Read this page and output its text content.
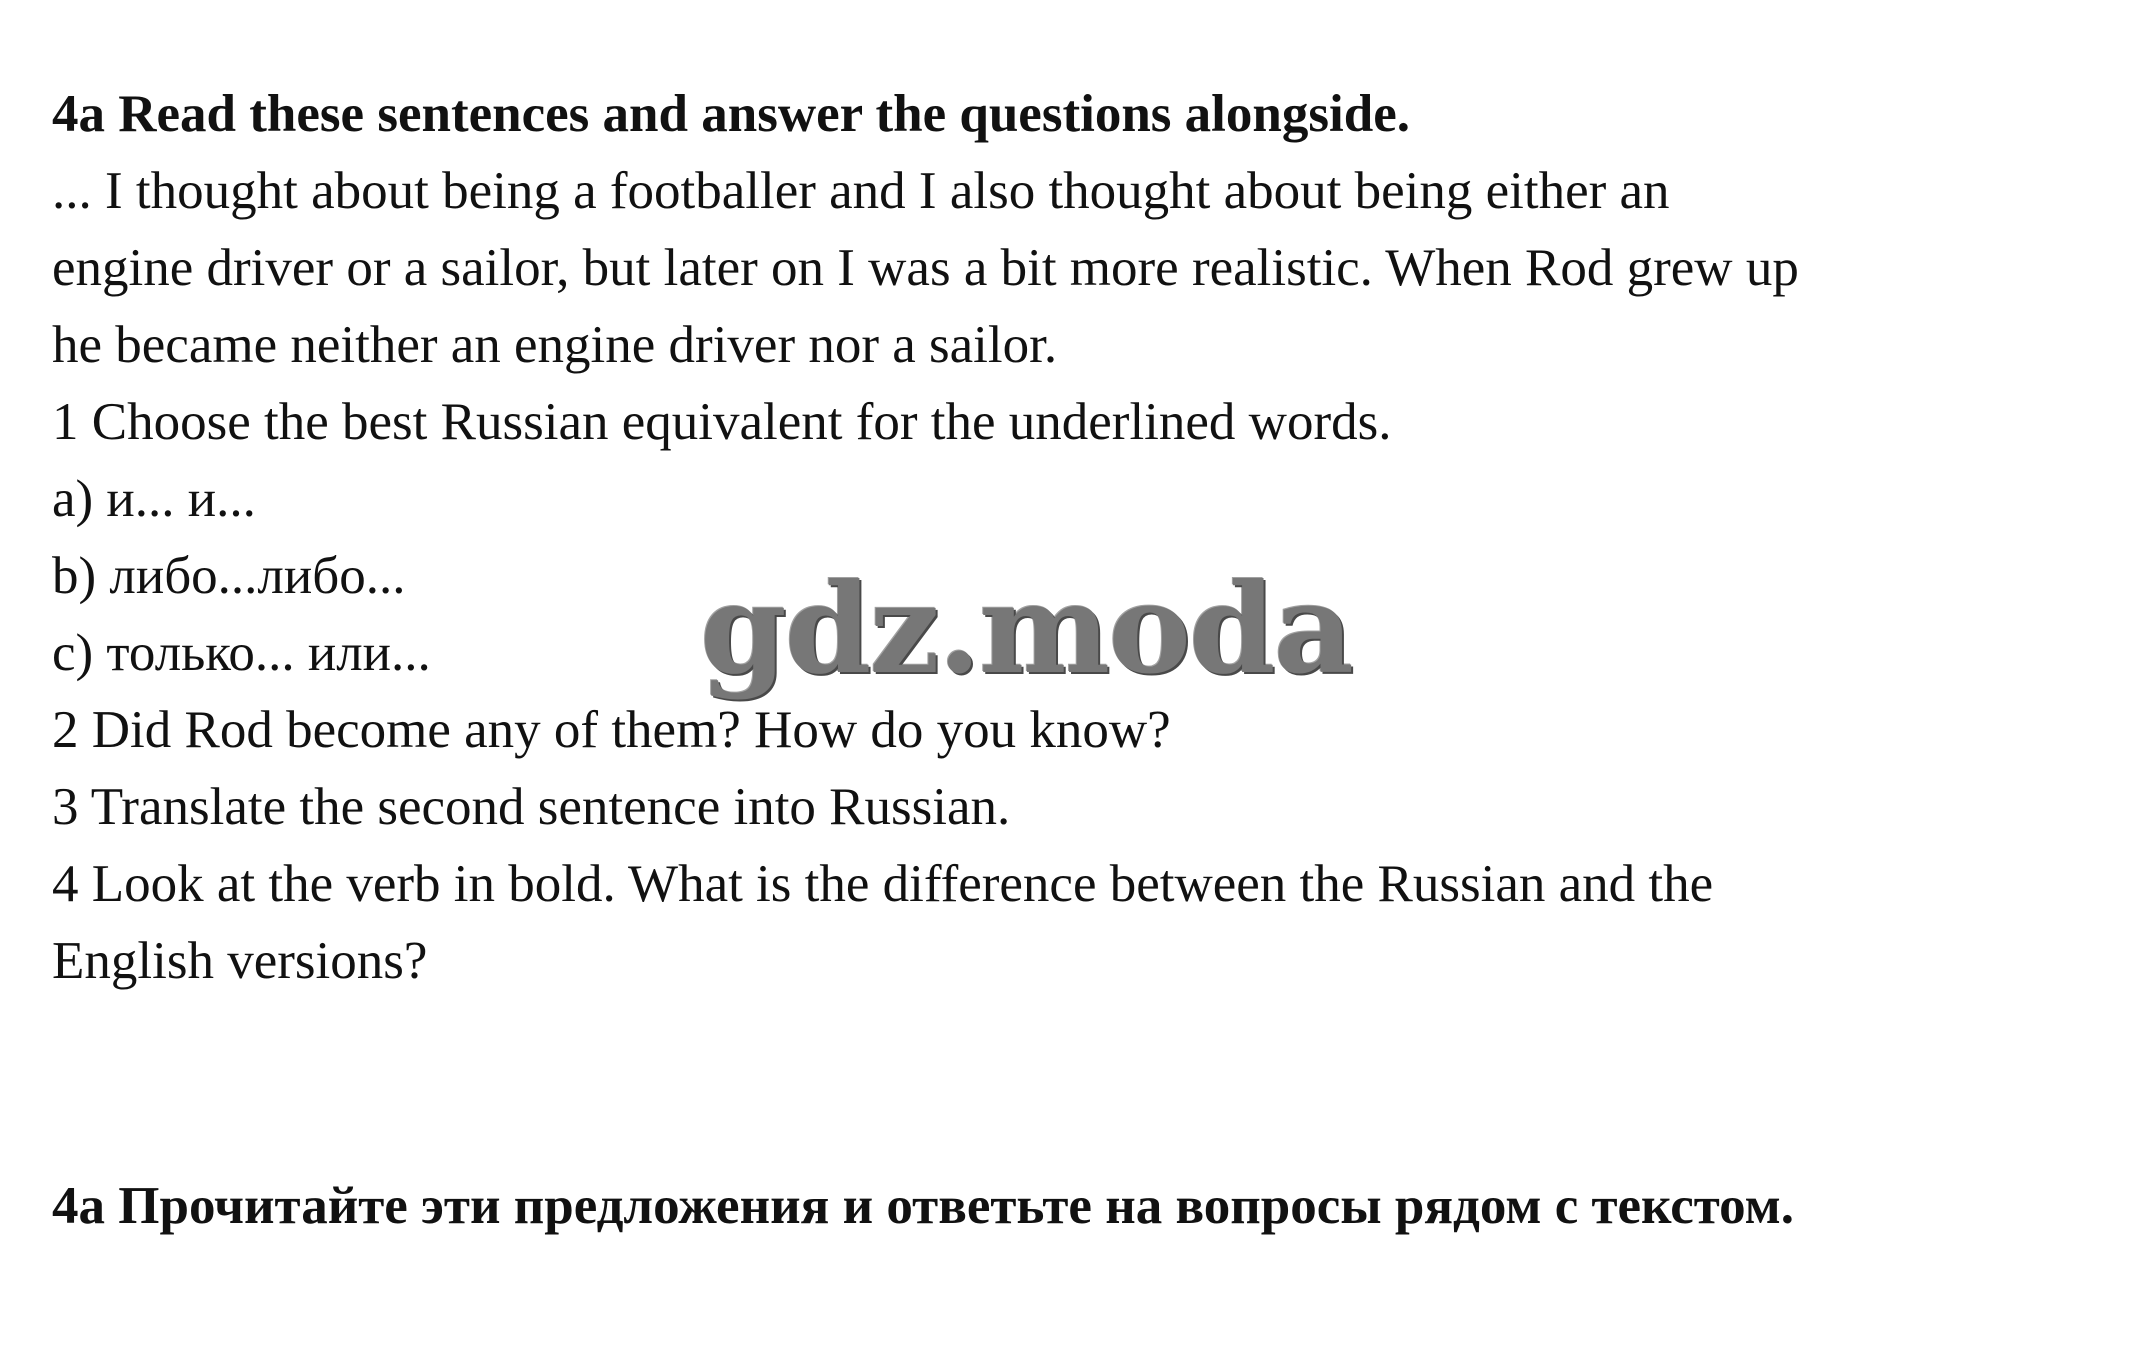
4a Read these sentences and answer the questions alongside.
... I thought about being a footballer and I also thought about being either an
engine driver or a sailor, but later on I was a bit more realistic. When Rod grew up
he became neither an engine driver nor a sailor.
1 Choose the best Russian equivalent for the underlined words.
a) и... и...
b) либо...либо...
c) только... или...
2 Did Rod become any of them? How do you know?
3 Translate the second sentence into Russian.
4 Look at the verb in bold. What is the difference between the Russian and the
English versions?
4a Прочитайте эти предложения и ответьте на вопросы рядом с текстом.
gdz.moda
